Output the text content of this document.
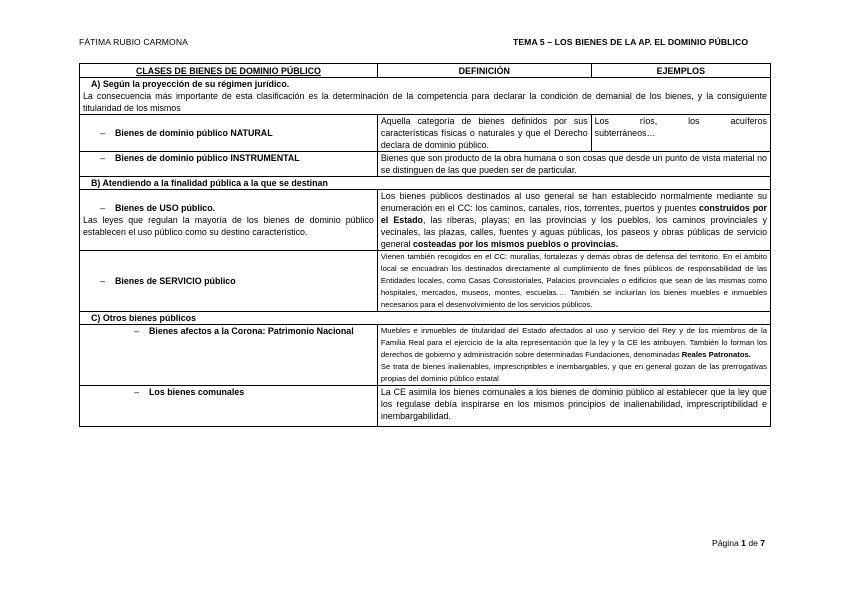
FÁTIMA RUBIO CARMONA	TEMA 5 – LOS BIENES DE LA AP. EL DOMINIO PÚBLICO
CLASES DE BIENES DE DOMINIO PÚBLICO	DEFINICIÓN	EJEMPLOS

A) Según la proyección de su régimen jurídico.
La consecuencia más importante de esta clasificación es la determinación de la competencia para declarar la condición de demanial de los bienes, y la consiguiente titularidad de los mismos		

– Bienes de dominio público NATURAL	Aquella categoría de bienes definidos por sus características físicas o naturales y que el Derecho declara de dominio público.	Los ríos, los acuíferos
subterráneos…

– Bienes de dominio público INSTRUMENTAL	Bienes que son producto de la obra humana o son cosas que desde un punto de vista material no se distinguen de las que pueden ser de particular.	
B) Atendiendo a la finalidad pública a la que se destinan		

– Bienes de USO público.
Las leyes que regulan la mayoría de los bienes de dominio público establecen el uso público como su destino característico.	Los bienes públicos destinados al uso general se han establecido normalmente mediante su enumeración en el CC: los caminos, canales, ríos, torrentes, puertos y puentes construidos por el Estado, las riberas, playas; en las provincias y los pueblos, los caminos provinciales y vecinales, las plazas, calles, fuentes y aguas públicas, los paseos y obras públicas de servicio general costeadas por los mismos pueblos o provincias.	

– Bienes de SERVICIO público	Vienen también recogidos en el CC: murallas, fortalezas y demás obras de defensa del territorio. En el ámbito local se encuadran los destinados directamente al cumplimiento de fines públicos de responsabilidad de las Entidades locales, como Casas Consistoriales, Palacios provinciales o edificios que sean de las mismas como hospitales, mercados, museos, montes, escuelas…. También se incluirían los bienes muebles e inmuebles necesarios para el desenvolvimiento de los servicios públicos.	
C) Otros bienes públicos		

– Bienes afectos a la Corona: Patrimonio Nacional	Muebles e inmuebles de titularidad del Estado afectados al uso y servicio del Rey y de los miembros de la Familia Real para el ejercicio de la alta representación que la ley y la CE les atribuyen. También lo forman los derechos de gobierno y administración sobre determinadas Fundaciones, denominadas Reales Patronatos.
Se trata de bienes inalienables, imprescriptibles e inembargables, y que en general gozan de las prerrogativas propias del dominio público estatal	

– Los bienes comunales	La CE asimila los bienes comunales a los bienes de dominio público al establecer que la ley que los regulase debía inspirarse en los mismos principios de inalienabilidad, imprescriptibilidad e inembargabilidad.	
Página 1 de 7
